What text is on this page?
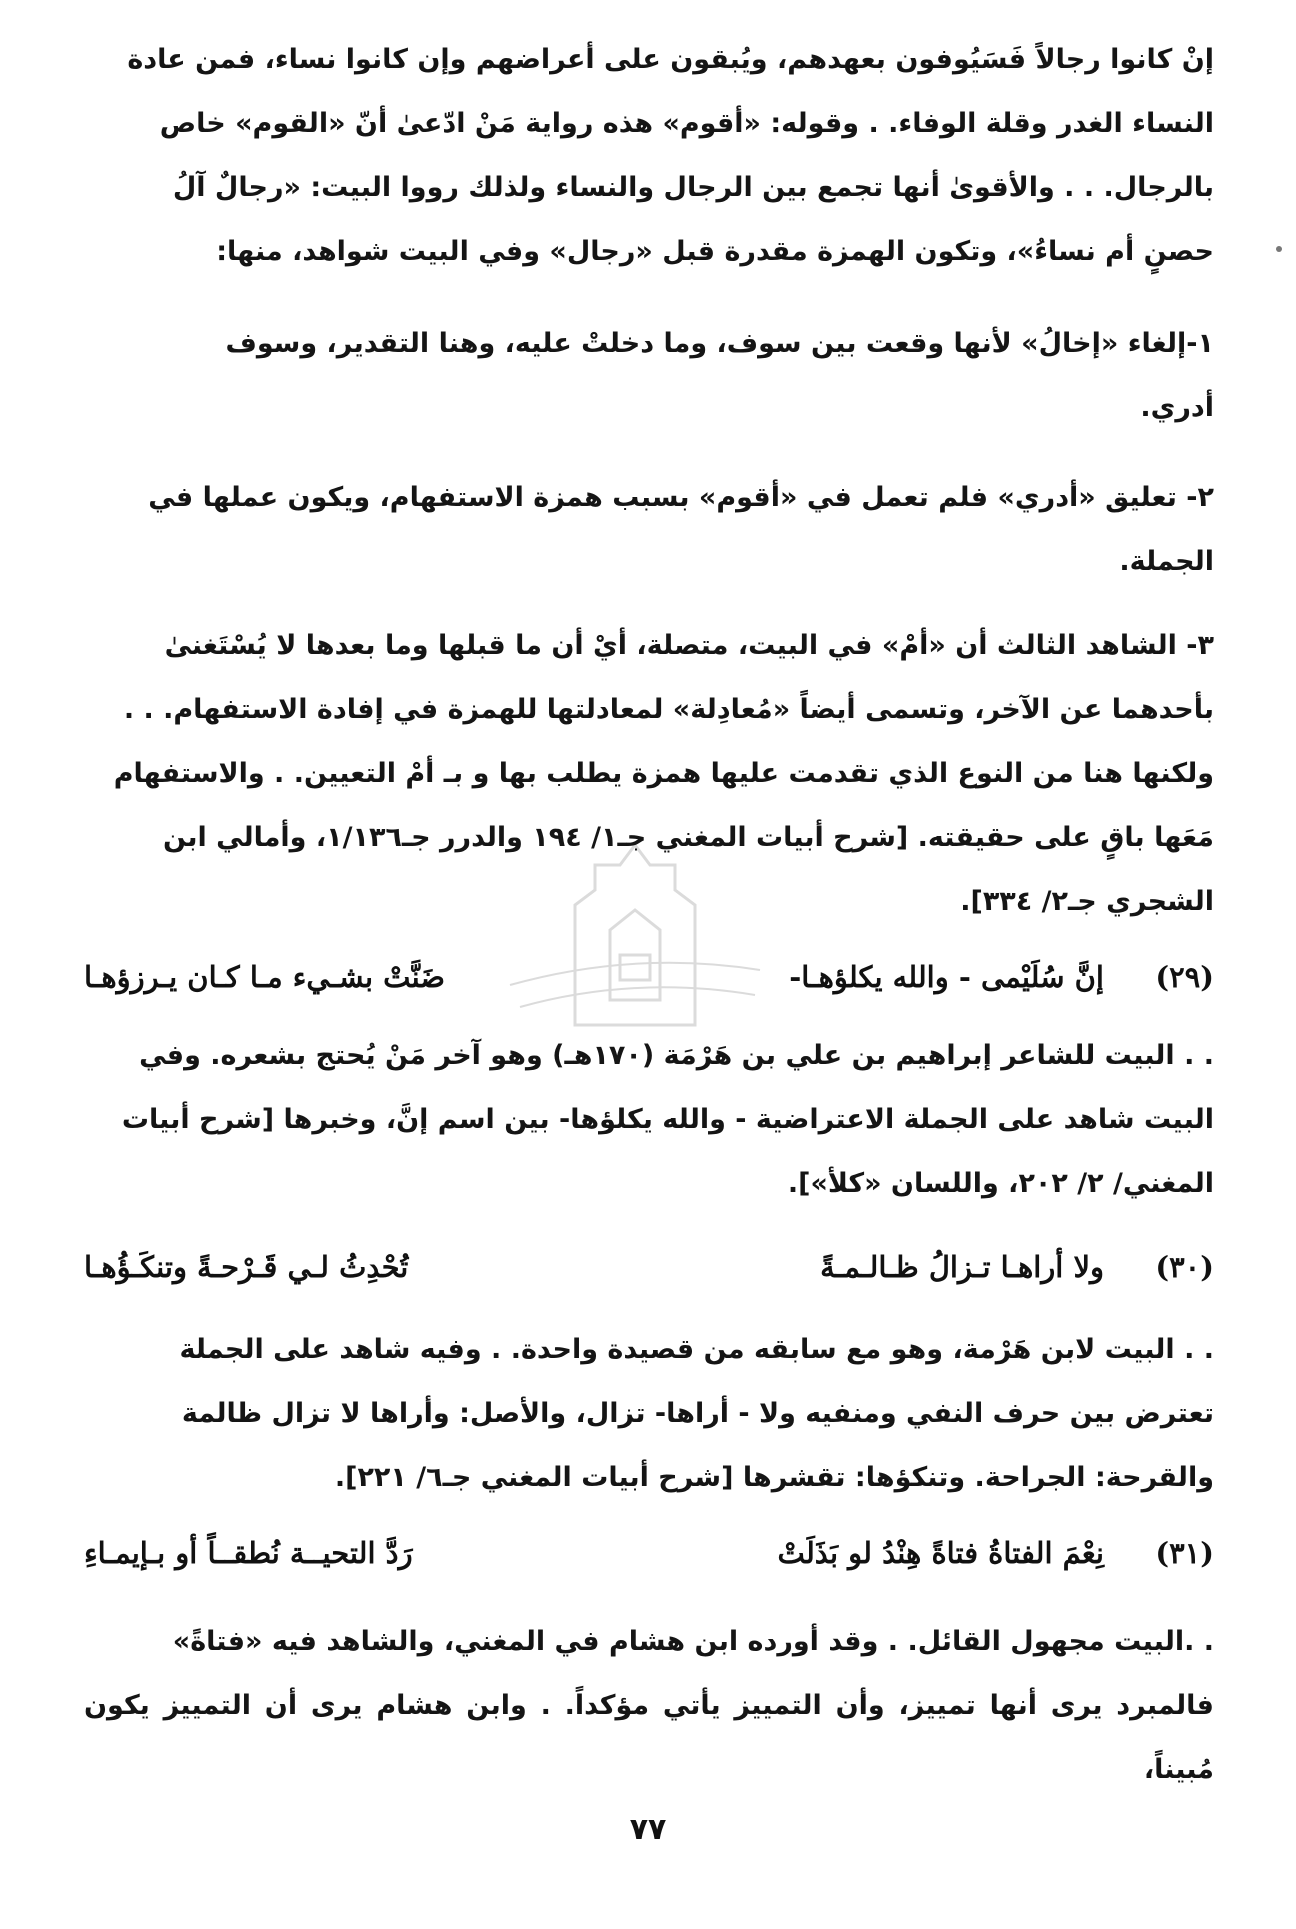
إنْ كانوا رجالاً فَسَيُوفون بعهدهم، ويُبقون على أعراضهم وإن كانوا نساء، فمن عادة
النساء الغدر وقلة الوفاء. . وقوله: «أقوم» هذه رواية مَنْ ادّعىٰ أنّ «القوم» خاص
بالرجال. . . والأقوىٰ أنها تجمع بين الرجال والنساء ولذلك رووا البيت: «رجالٌ آلُ
حصنٍ أم نساءُ»، وتكون الهمزة مقدرة قبل «رجال» وفي البيت شواهد، منها:
١-إلغاء «إخالُ» لأنها وقعت بين سوف، وما دخلتْ عليه، وهنا التقدير، وسوف
أدري.
٢- تعليق «أدري» فلم تعمل في «أقوم» بسبب همزة الاستفهام، ويكون عملها في
الجملة.
٣- الشاهد الثالث أن «أمْ» في البيت، متصلة، أيْ أن ما قبلها وما بعدها لا يُسْتَغنىٰ
بأحدهما عن الآخر، وتسمى أيضاً «مُعادِلة» لمعادلتها للهمزة في إفادة الاستفهام. . .
ولكنها هنا من النوع الذي تقدمت عليها همزة يطلب بها و بـ أمْ التعيين. . والاستفهام
مَعَها باقٍ على حقيقته. [شرح أبيات المغني جـ١/ ١٩٤ والدرر جـ١/١٣٦، وأمالي ابن
الشجري جـ٢/ ٣٣٤].
(٢٩)
إنَّ سُلَيْمى - والله يكلؤهـا-
ضَنَّتْ بشـيء مـا كـان يـرزؤهـا
. . البيت للشاعر إبراهيم بن علي بن هَرْمَة (١٧٠هـ) وهو آخر مَنْ يُحتج بشعره. وفي
البيت شاهد على الجملة الاعتراضية - والله يكلؤها- بين اسم إنَّ، وخبرها [شرح أبيات
المغني/ ٢/ ٢٠٢، واللسان «كلأ»].
(٣٠)
ولا أراهـا تـزالُ ظـالـمـةً
تُحْدِثُ لـي قَـرْحـةً وتنكَـؤُهـا
. . البيت لابن هَرْمة، وهو مع سابقه من قصيدة واحدة. . وفيه شاهد على الجملة
تعترض بين حرف النفي ومنفيه ولا - أراها- تزال، والأصل: وأراها لا تزال ظالمة
والقرحة: الجراحة. وتنكؤها: تقشرها [شرح أبيات المغني جـ٦/ ٢٢١].
(٣١)
نِعْمَ الفتاةُ فتاةً هِنْدُ لو بَذَلَتْ
رَدَّ التحيــة نُطقــاً أو بـإيمـاءِ
. .البيت مجهول القائل. . وقد أورده ابن هشام في المغني، والشاهد فيه «فتاةً»
فالمبرد يرى أنها تمييز، وأن التمييز يأتي مؤكداً. . وابن هشام يرى أن التمييز يكون مُبيناً،
٧٧
